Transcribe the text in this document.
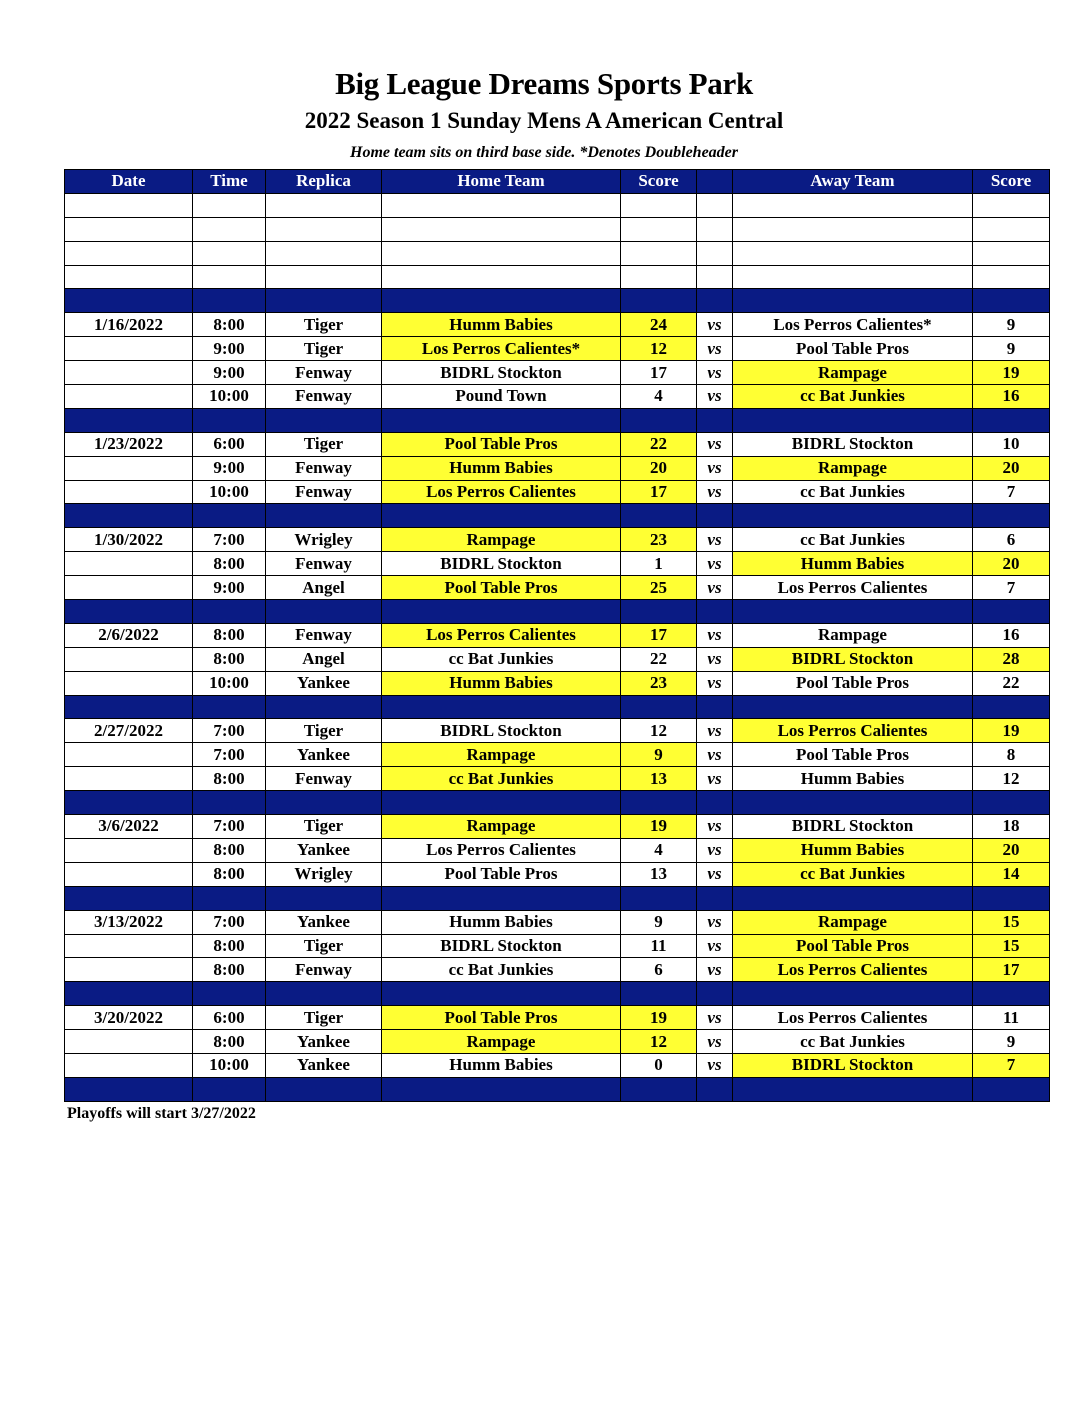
Big League Dreams Sports Park
2022 Season 1 Sunday Mens A American Central
Home team sits on third base side. *Denotes Doubleheader
Date	Time	Replica	Home Team	Score		Away Team	Score

1/16/2022	8:00	Tiger	Humm Babies	24	vs	Los Perros Calientes*	9
	9:00	Tiger	Los Perros Calientes*	12	vs	Pool Table Pros	9
	9:00	Fenway	BIDRL Stockton	17	vs	Rampage	19
	10:00	Fenway	Pound Town	4	vs	cc Bat Junkies	16

1/23/2022	6:00	Tiger	Pool Table Pros	22	vs	BIDRL Stockton	10
	9:00	Fenway	Humm Babies	20	vs	Rampage	20
	10:00	Fenway	Los Perros Calientes	17	vs	cc Bat Junkies	7

1/30/2022	7:00	Wrigley	Rampage	23	vs	cc Bat Junkies	6
	8:00	Fenway	BIDRL Stockton	1	vs	Humm Babies	20
	9:00	Angel	Pool Table Pros	25	vs	Los Perros Calientes	7

2/6/2022	8:00	Fenway	Los Perros Calientes	17	vs	Rampage	16
	8:00	Angel	cc Bat Junkies	22	vs	BIDRL Stockton	28
	10:00	Yankee	Humm Babies	23	vs	Pool Table Pros	22

2/27/2022	7:00	Tiger	BIDRL Stockton	12	vs	Los Perros Calientes	19
	7:00	Yankee	Rampage	9	vs	Pool Table Pros	8
	8:00	Fenway	cc Bat Junkies	13	vs	Humm Babies	12

3/6/2022	7:00	Tiger	Rampage	19	vs	BIDRL Stockton	18
	8:00	Yankee	Los Perros Calientes	4	vs	Humm Babies	20
	8:00	Wrigley	Pool Table Pros	13	vs	cc Bat Junkies	14

3/13/2022	7:00	Yankee	Humm Babies	9	vs	Rampage	15
	8:00	Tiger	BIDRL Stockton	11	vs	Pool Table Pros	15
	8:00	Fenway	cc Bat Junkies	6	vs	Los Perros Calientes	17

3/20/2022	6:00	Tiger	Pool Table Pros	19	vs	Los Perros Calientes	11
	8:00	Yankee	Rampage	12	vs	cc Bat Junkies	9
	10:00	Yankee	Humm Babies	0	vs	BIDRL Stockton	7

Playoffs will start 3/27/2022
